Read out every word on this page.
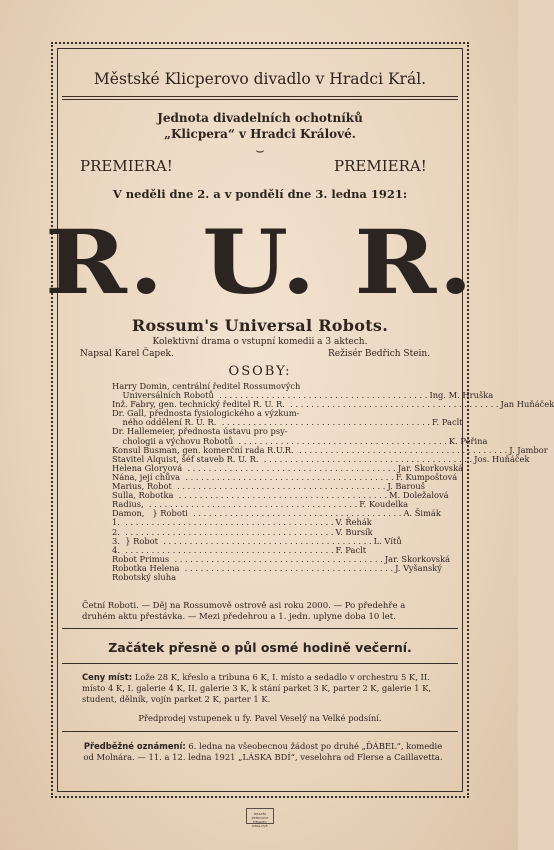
Městské Klicperovo divadlo v Hradci Král.
Jednota divadelních ochotníků
„Klicpera“ v Hradci Králové.
⌣
PREMIERA!	PREMIERA!
V neděli dne 2. a v pondělí dne 3. ledna 1921:
R. U. R.
Rossum's Universal Robots.
Kolektivní drama o vstupní komedii a 3 aktech.
Napsal Karel Čapek.	Režisér Bedřich Stein.
OSOBY:
Harry Domin, centrální ředitel Rossumových
Universálních Robotů  . . . . . . . . . . . . . . . . . . . . . . . . . . . . . . . . . . . . . . . . Ing. M. Hruška
Inž. Fabry, gen. technický ředitel R. U. R.  . . . . . . . . . . . . . . . . . . . . . . . . . . . . . . . . . . . . . . . . Jan Huňáček
Dr. Gall, přednosta fysiologického a výzkum-
ného oddělení R. U. R.  . . . . . . . . . . . . . . . . . . . . . . . . . . . . . . . . . . . . . . . . F. Paclt
Dr. Hallemeier, přednosta ústavu pro psy-
chologii a výchovu Robotů  . . . . . . . . . . . . . . . . . . . . . . . . . . . . . . . . . . . . . . . . K. Peřina
Konsul Busman, gen. komerční rada R.U.R.  . . . . . . . . . . . . . . . . . . . . . . . . . . . . . . . . . . . . . . . . J. Jambor
Stavitel Alquist, šéf staveb R. U. R.  . . . . . . . . . . . . . . . . . . . . . . . . . . . . . . . . . . . . . . . . Jos. Huňáček
Helena Gloryová  . . . . . . . . . . . . . . . . . . . . . . . . . . . . . . . . . . . . . . . . Jar. Skorkovská
Nána, její chůva  . . . . . . . . . . . . . . . . . . . . . . . . . . . . . . . . . . . . . . . . F. Kumpoštová
Marius, Robot  . . . . . . . . . . . . . . . . . . . . . . . . . . . . . . . . . . . . . . . . J. Barouš
Sulla, Robotka  . . . . . . . . . . . . . . . . . . . . . . . . . . . . . . . . . . . . . . . . M. Doležalová
Radius,  . . . . . . . . . . . . . . . . . . . . . . . . . . . . . . . . . . . . . . . . F. Koudelka
Damon,   } Roboti  . . . . . . . . . . . . . . . . . . . . . . . . . . . . . . . . . . . . . . . . A. Šimák
1.  . . . . . . . . . . . . . . . . . . . . . . . . . . . . . . . . . . . . . . . . V. Řehák
2.  . . . . . . . . . . . . . . . . . . . . . . . . . . . . . . . . . . . . . . . . V. Bursík
3.  } Robot  . . . . . . . . . . . . . . . . . . . . . . . . . . . . . . . . . . . . . . . . L. Vítů
4.  . . . . . . . . . . . . . . . . . . . . . . . . . . . . . . . . . . . . . . . . F. Paclt
Robot Primus  . . . . . . . . . . . . . . . . . . . . . . . . . . . . . . . . . . . . . . . . Jar. Skorkovská
Robotka Helena  . . . . . . . . . . . . . . . . . . . . . . . . . . . . . . . . . . . . . . . . J. Vyšanský
Robotský sluha
Četní Roboti. — Děj na Rossumově ostrově asi roku 2000. — Po předehře a druhém aktu přestávka. — Mezi předehrou a 1. jedn. uplyne doba 10 let.
Začátek přesně o půl osmé hodině večerní.
Ceny míst: Lože 28 K, křeslo a tribuna 6 K, I. místo a sedadlo v orchestru 5 K, II. místo 4 K, I. galerie 4 K, II. galerie 3 K, k stání parket 3 K, parter 2 K, galerie 1 K, student, dělník, vojín parket 2 K, parter 1 K.
Předprodej vstupenek u fy. Pavel Veselý na Velké podsíní.
Předběžné oznámení: 6. ledna na všeobecnou žádost po druhé „ĎÁBEL“, komedie od Molnára. — 11. a 12. ledna 1921 „LÁSKA BDÍ“, veselohra od Flerse a Caillavetta.
BRATŘI PEŘINOVÉ HRADEC KRÁLOVÉ
